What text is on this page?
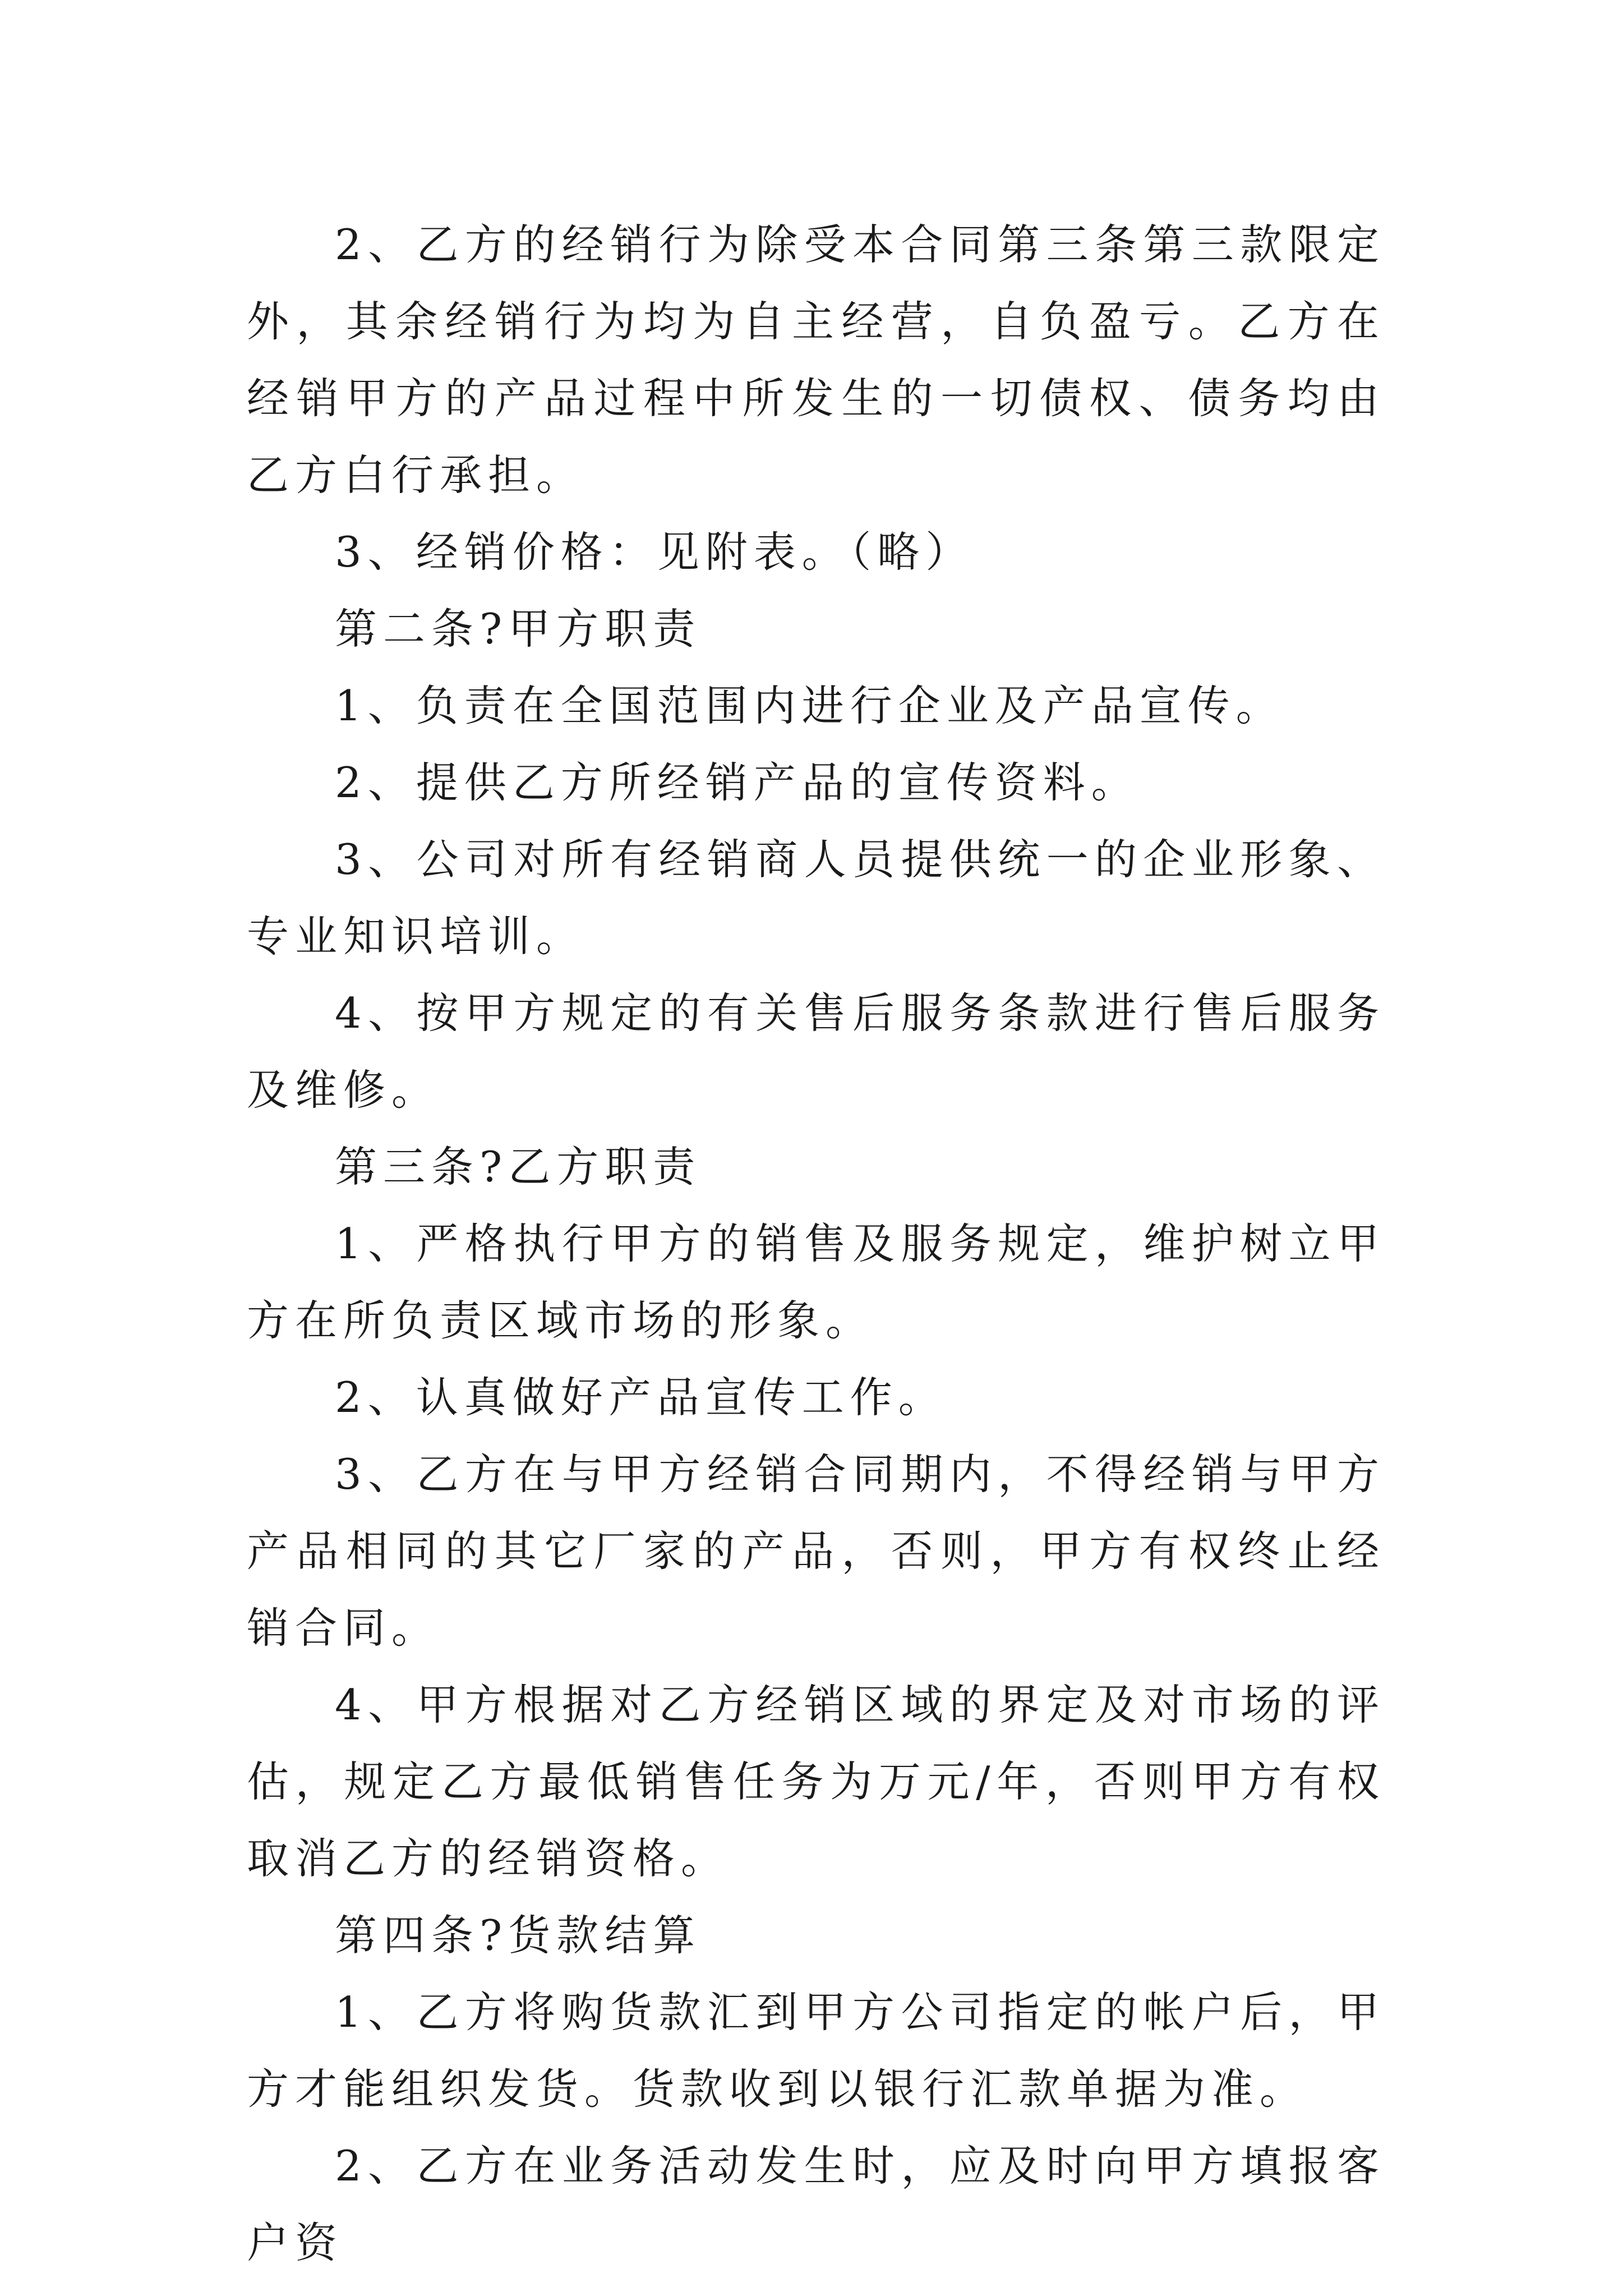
2、乙方的经销行为除受本合同第三条第三款限定外，其余经销行为均为自主经营，自负盈亏。乙方在经销甲方的产品过程中所发生的一切债权、债务均由乙方白行承担。

3、经销价格：见附表。（略）

第二条?甲方职责

1、负责在全国范围内进行企业及产品宣传。

2、提供乙方所经销产品的宣传资料。

3、公司对所有经销商人员提供统一的企业形象、专业知识培训。

4、按甲方规定的有关售后服务条款进行售后服务及维修。

第三条?乙方职责

1、严格执行甲方的销售及服务规定，维护树立甲方在所负责区域市场的形象。

2、认真做好产品宣传工作。

3、乙方在与甲方经销合同期内，不得经销与甲方产品相同的其它厂家的产品，否则，甲方有权终止经销合同。

4、甲方根据对乙方经销区域的界定及对市场的评估，规定乙方最低销售任务为万元/年，否则甲方有权取消乙方的经销资格。

第四条?货款结算

1、乙方将购货款汇到甲方公司指定的帐户后，甲方才能组织发货。货款收到以银行汇款单据为准。

2、乙方在业务活动发生时，应及时向甲方填报客户资
